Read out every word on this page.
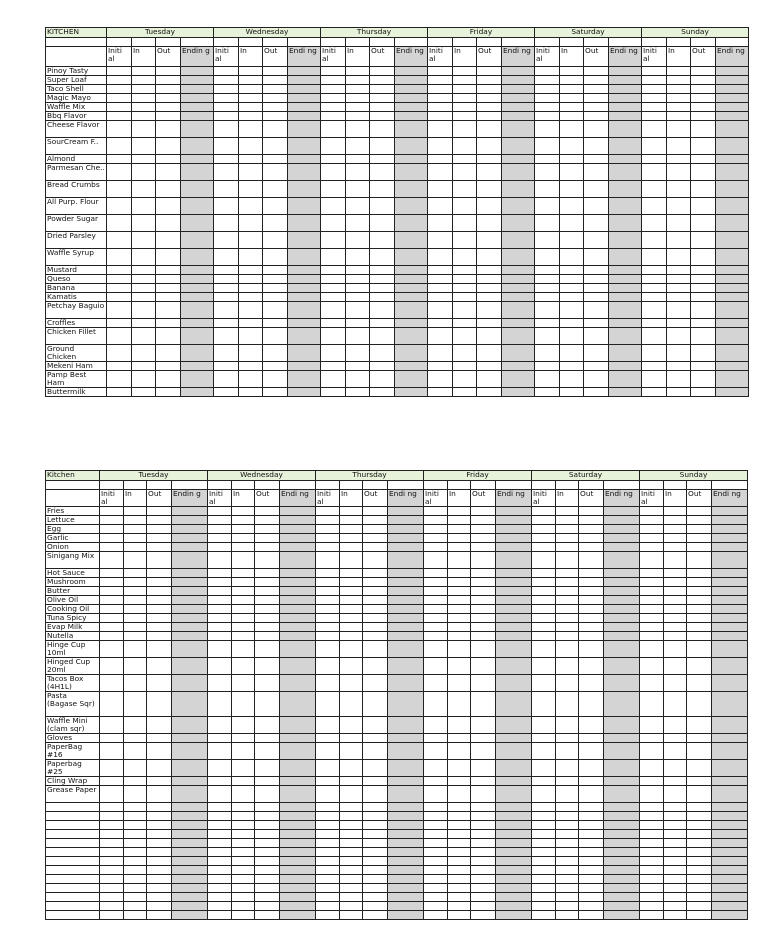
KITCHEN	Tuesday				Wednesday				Thursday				Friday				Saturday				Sunday			

	Initi al	In	Out	Endin g	Initi al	In	Out	Endi ng	Initi al	In	Out	Endi ng	Initi al	In	Out	Endi ng	Initi al	In	Out	Endi ng	Initi al	In	Out	Endi ng
Pinoy Tasty																								
Super Loaf																								
Taco Shell																								
Magic Mayo																								
Waffle Mix																								
Bbq Flavor																								
Cheese Flavor																								
SourCream F..																								
Almond																								
Parmesan Che..																								
Bread Crumbs																								
All Purp. Flour																								
Powder Sugar																								
Dried Parsley																								
Waffle Syrup																								
Mustard																								
Queso																								
Banana																								
Kamatis																								
Petchay Baguio																								
Croffles																								
Chicken Fillet																								
Ground Chicken																								
Mekeni Ham																								
Pamp Best Ham																								
Buttermilk																								
Kitchen	Tuesday				Wednesday				Thursday				Friday				Saturday				Sunday			

	Initi al	In	Out	Endin g	Initi al	In	Out	Endi ng	Initi al	In	Out	Endi ng	Initi al	In	Out	Endi ng	Initi al	In	Out	Endi ng	Initi al	In	Out	Endi ng
Fries																								
Lettuce																								
Egg																								
Garlic																								
Onion																								
Sinigang Mix																								
Hot Sauce																								
Mushroom																								
Butter																								
Olive Oil																								
Cooking Oil																								
Tuna Spicy																								
Evap Milk																								
Nutella																								
Hinge Cup 10ml																								
Hinged Cup 20ml																								
Tacos Box (4H1L)																								
Pasta (Bagase Sqr)																								
Waffle Mini (clam sqr)																								
Gloves																								
PaperBag #16																								
Paperbag #25																								
Cling Wrap																								
Grease Paper																								
